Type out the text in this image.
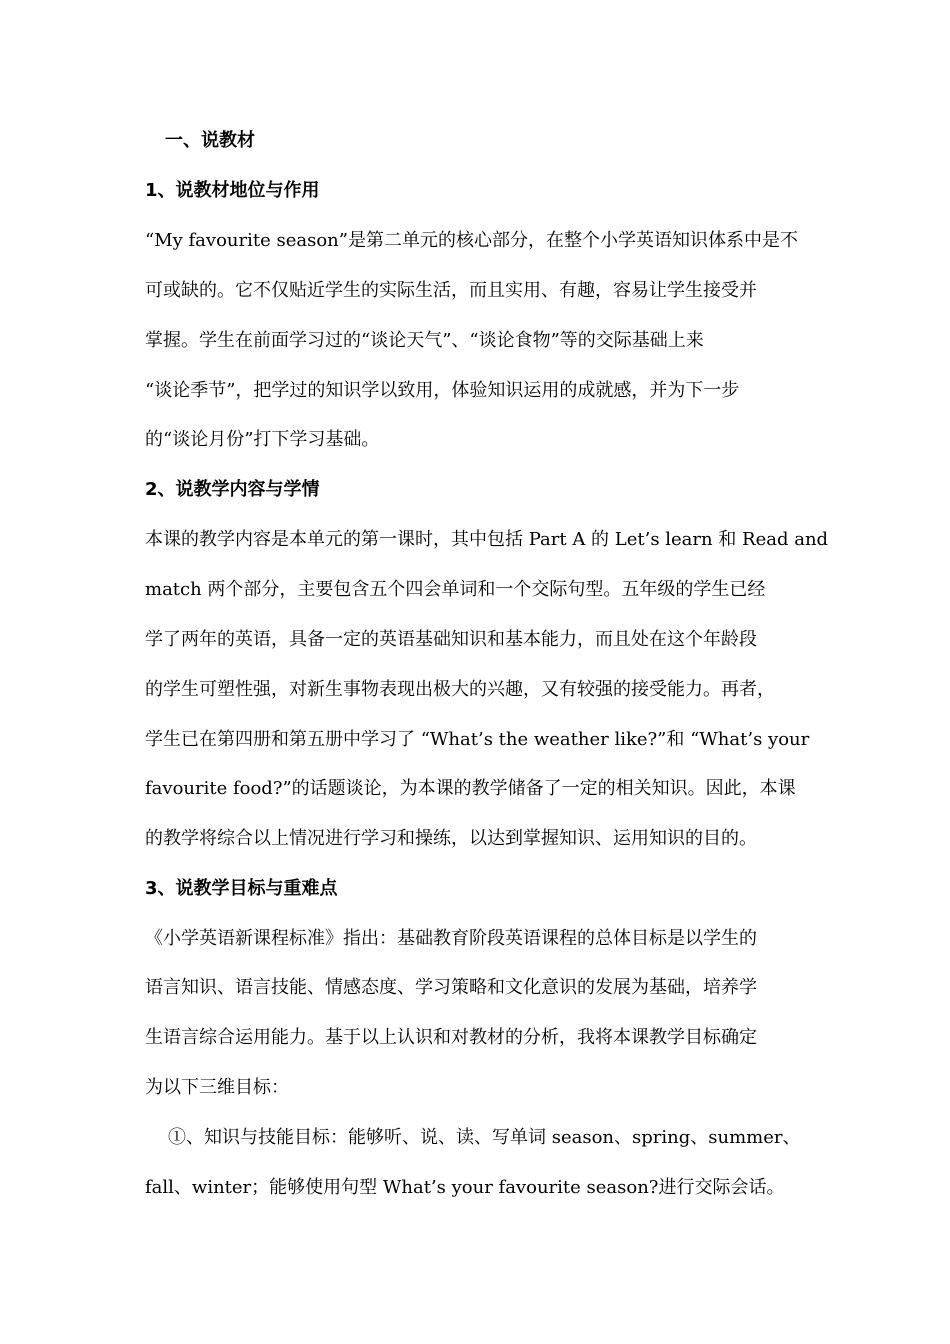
一、说教材
1、说教材地位与作用
“My favourite season”是第二单元的核心部分，在整个小学英语知识体系中是不
可或缺的。它不仅贴近学生的实际生活，而且实用、有趣，容易让学生接受并
掌握。学生在前面学习过的“谈论天气”、“谈论食物”等的交际基础上来
“谈论季节”，把学过的知识学以致用，体验知识运用的成就感，并为下一步
的“谈论月份”打下学习基础。
2、说教学内容与学情
本课的教学内容是本单元的第一课时，其中包括 Part A 的 Let’s learn 和 Read and
match 两个部分，主要包含五个四会单词和一个交际句型。五年级的学生已经
学了两年的英语，具备一定的英语基础知识和基本能力，而且处在这个年龄段
的学生可塑性强，对新生事物表现出极大的兴趣，又有较强的接受能力。再者，
学生已在第四册和第五册中学习了 “What’s the weather like?”和 “What’s your
favourite food?”的话题谈论，为本课的教学储备了一定的相关知识。因此，本课
的教学将综合以上情况进行学习和操练，以达到掌握知识、运用知识的目的。
3、说教学目标与重难点
《小学英语新课程标准》指出：基础教育阶段英语课程的总体目标是以学生的
语言知识、语言技能、情感态度、学习策略和文化意识的发展为基础，培养学
生语言综合运用能力。基于以上认识和对教材的分析，我将本课教学目标确定
为以下三维目标：
①、知识与技能目标：能够听、说、读、写单词 season、spring、summer、
fall、winter；能够使用句型 What’s your favourite season?进行交际会话。
